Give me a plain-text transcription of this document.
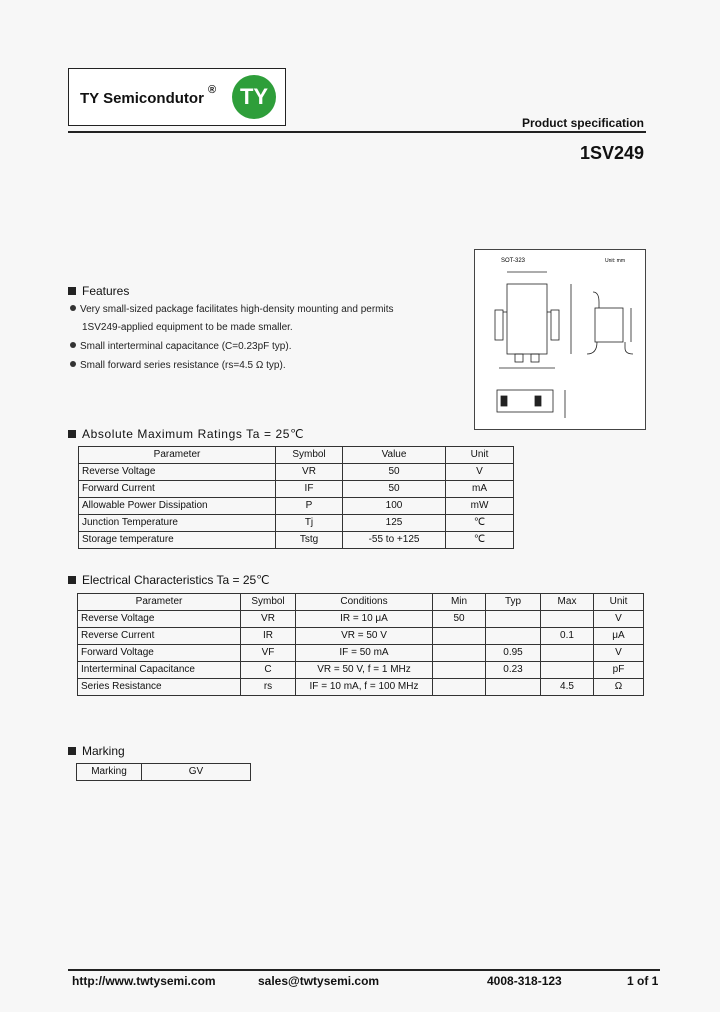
TY Semicondutor ®	TY
Product specification
1SV249
SOT-323	Unit: mm
Features
Very small-sized package facilitates high-density mounting and permits
1SV249-applied equipment to be made smaller.
Small interterminal capacitance (C=0.23pF typ).
Small forward series resistance (rs=4.5 Ω typ).
Absolute Maximum Ratings Ta = 25℃
Parameter	Symbol	Value	Unit
Reverse Voltage	VR	50	V
Forward Current	IF	50	mA
Allowable Power Dissipation	P	100	mW
Junction Temperature	Tj	125	℃
Storage temperature	Tstg	-55 to +125	℃
Electrical Characteristics Ta = 25℃
Parameter	Symbol	Conditions	Min	Typ	Max	Unit
Reverse Voltage	VR	IR = 10 μA	50			V
Reverse Current	IR	VR = 50 V			0.1	μA
Forward Voltage	VF	IF = 50 mA		0.95		V
Interterminal Capacitance	C	VR = 50 V, f = 1 MHz		0.23		pF
Series Resistance	rs	IF = 10 mA, f = 100 MHz			4.5	Ω
Marking
Marking	GV
http://www.twtysemi.com	sales@twtysemi.com	4008-318-123	1 of 1
